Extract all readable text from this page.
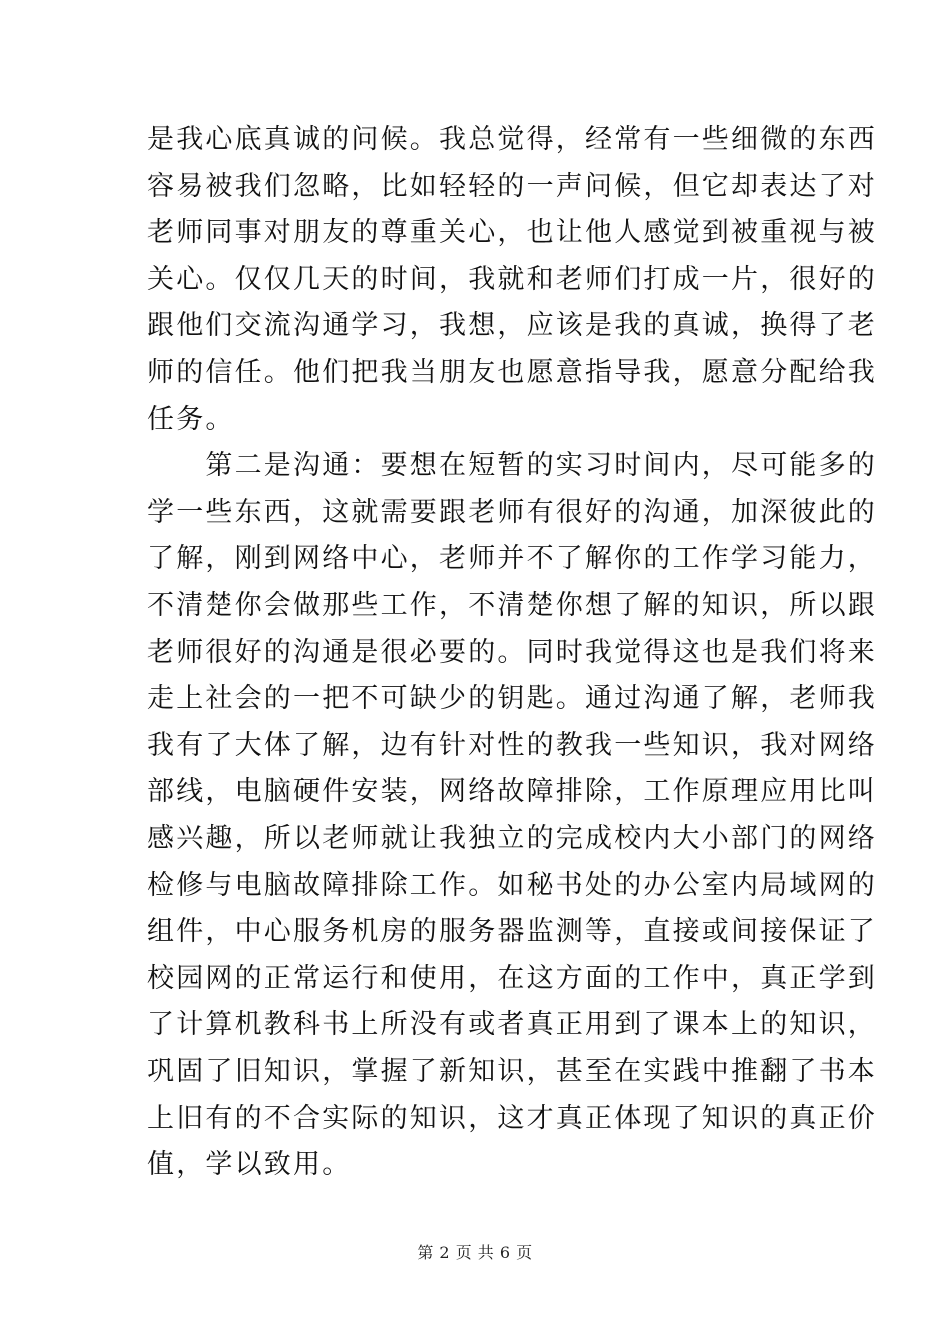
是我心底真诚的问候。我总觉得，经常有一些细微的东西
容易被我们忽略，比如轻轻的一声问候，但它却表达了对
老师同事对朋友的尊重关心，也让他人感觉到被重视与被
关心。仅仅几天的时间，我就和老师们打成一片，很好的
跟他们交流沟通学习，我想，应该是我的真诚，换得了老
师的信任。他们把我当朋友也愿意指导我，愿意分配给我
任务。
　　第二是沟通：要想在短暂的实习时间内，尽可能多的
学一些东西，这就需要跟老师有很好的沟通，加深彼此的
了解，刚到网络中心，老师并不了解你的工作学习能力，
不清楚你会做那些工作，不清楚你想了解的知识，所以跟
老师很好的沟通是很必要的。同时我觉得这也是我们将来
走上社会的一把不可缺少的钥匙。通过沟通了解，老师我
我有了大体了解，边有针对性的教我一些知识，我对网络
部线，电脑硬件安装，网络故障排除，工作原理应用比叫
感兴趣，所以老师就让我独立的完成校内大小部门的网络
检修与电脑故障排除工作。如秘书处的办公室内局域网的
组件，中心服务机房的服务器监测等，直接或间接保证了
校园网的正常运行和使用，在这方面的工作中，真正学到
了计算机教科书上所没有或者真正用到了课本上的知识，
巩固了旧知识，掌握了新知识，甚至在实践中推翻了书本
上旧有的不合实际的知识，这才真正体现了知识的真正价
值，学以致用。
第 2 页 共 6 页
